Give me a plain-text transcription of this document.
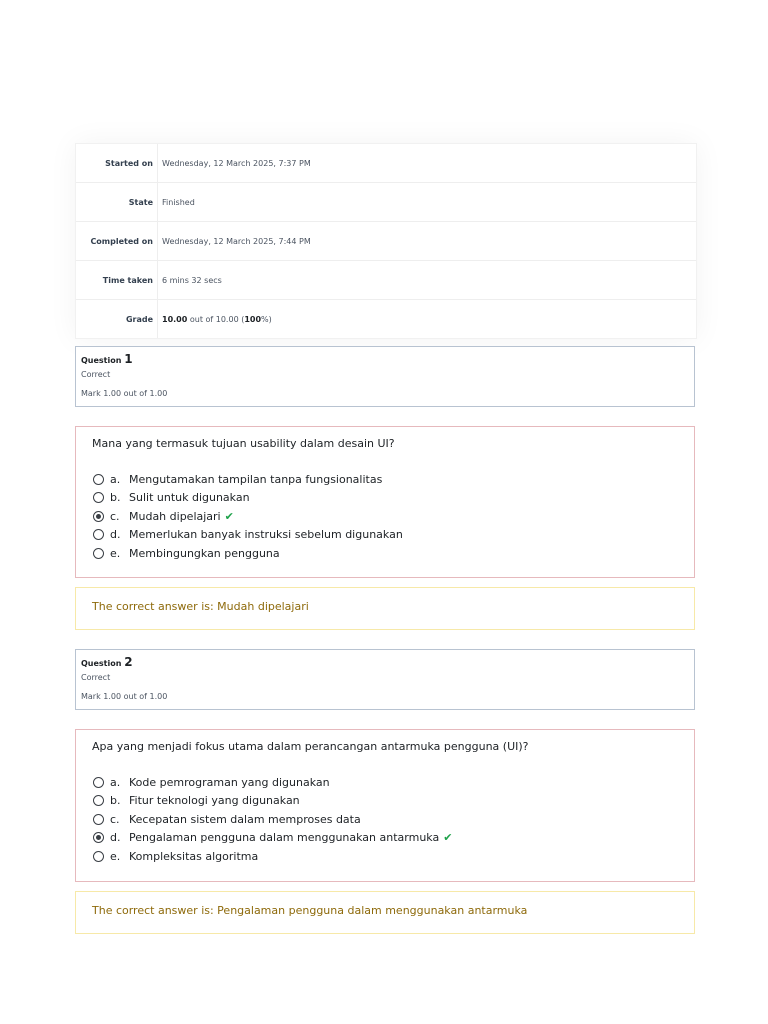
Started on	Wednesday, 12 March 2025, 7:37 PM
State	Finished
Completed on	Wednesday, 12 March 2025, 7:44 PM
Time taken	6 mins 32 secs
Grade	10.00 out of 10.00 ( 100 %)
Question 1
Correct
Mark 1.00 out of 1.00
Mana yang termasuk tujuan usability dalam desain UI?
a. Mengutamakan tampilan tanpa fungsionalitas
b. Sulit untuk digunakan
c. Mudah dipelajari ✔
d. Memerlukan banyak instruksi sebelum digunakan
e. Membingungkan pengguna
The correct answer is: Mudah dipelajari
Question 2
Correct
Mark 1.00 out of 1.00
Apa yang menjadi fokus utama dalam perancangan antarmuka pengguna (UI)?
a. Kode pemrograman yang digunakan
b. Fitur teknologi yang digunakan
c. Kecepatan sistem dalam memproses data
d. Pengalaman pengguna dalam menggunakan antarmuka ✔
e. Kompleksitas algoritma
The correct answer is: Pengalaman pengguna dalam menggunakan antarmuka
